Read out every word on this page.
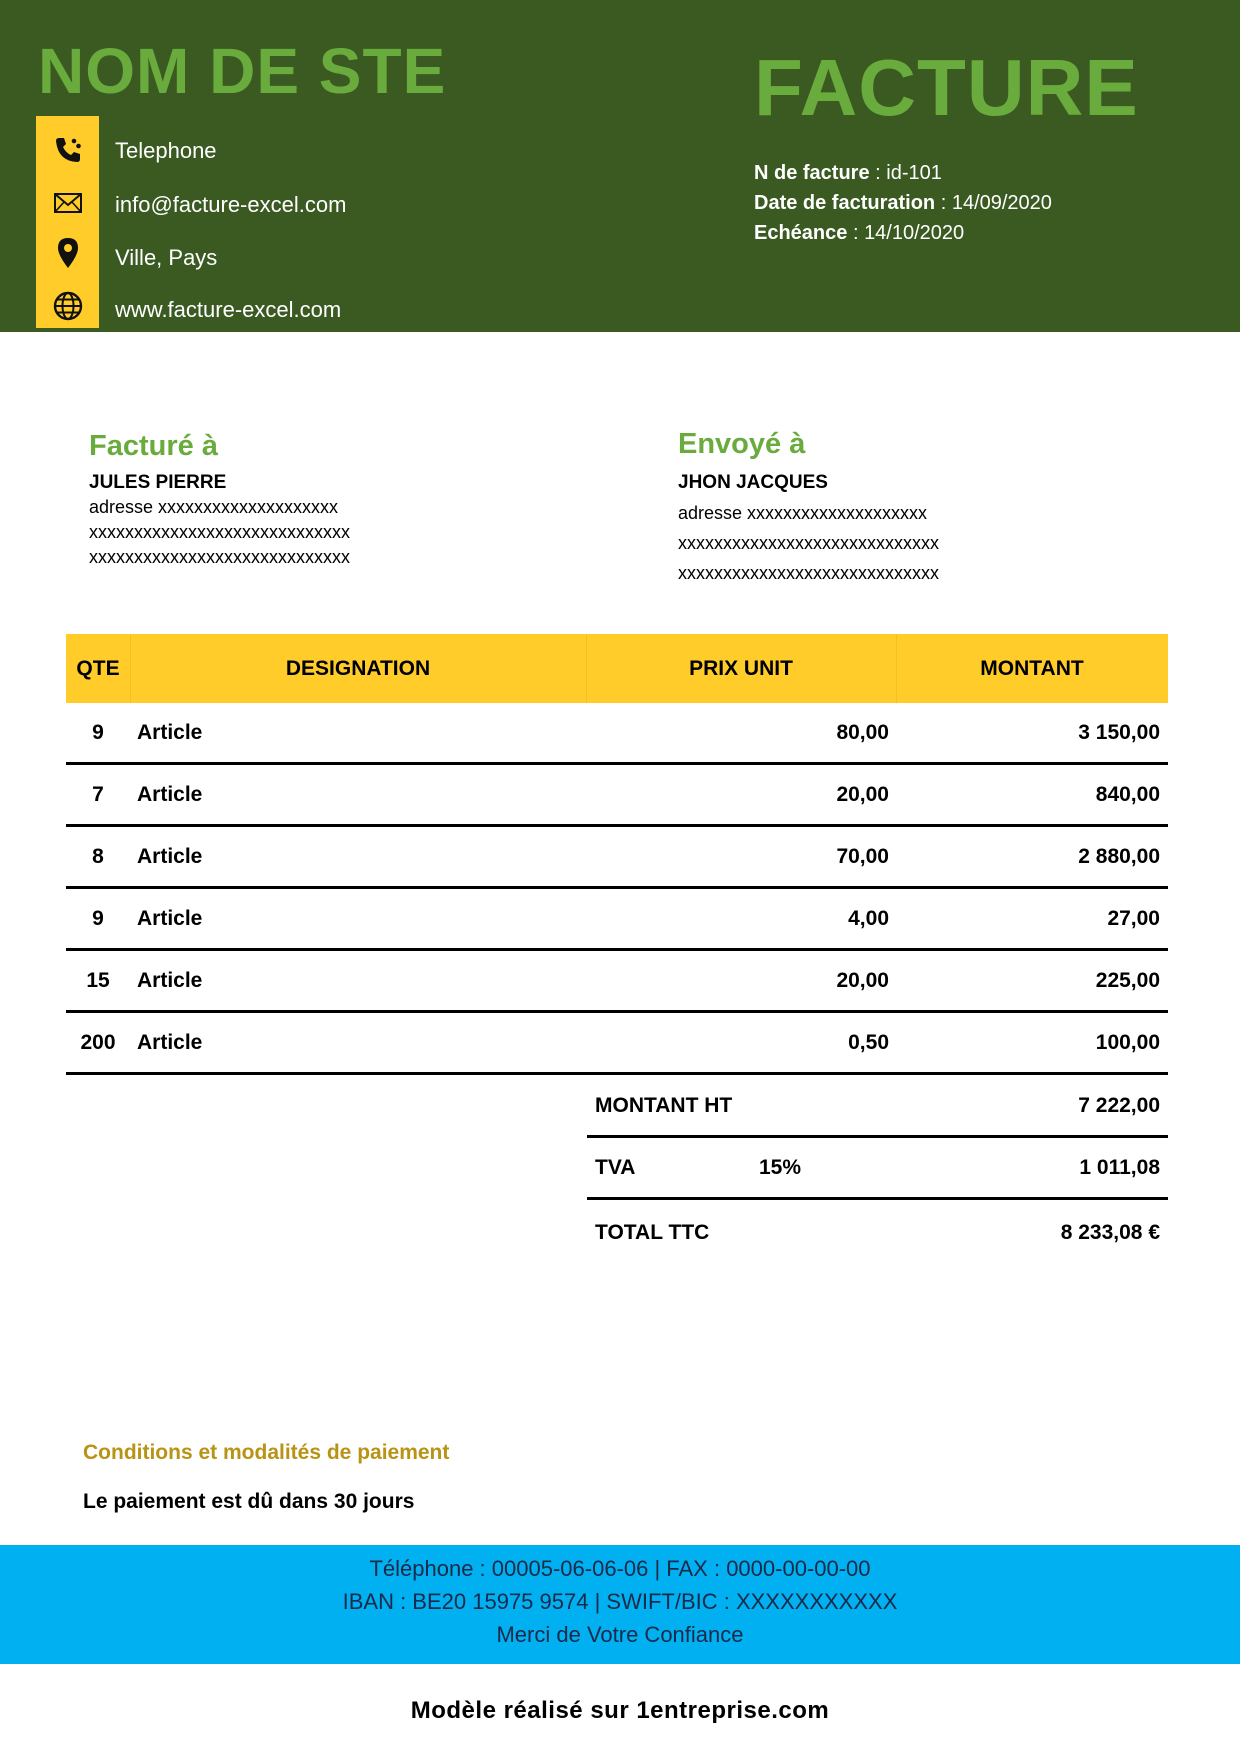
NOM DE STE
Telephone
info@facture-excel.com
Ville, Pays
www.facture-excel.com
FACTURE
N de facture : id-101
Date de facturation : 14/09/2020
Echéance : 14/10/2020
Facturé à
JULES PIERRE
adresse xxxxxxxxxxxxxxxxxxxx
xxxxxxxxxxxxxxxxxxxxxxxxxxxxx
xxxxxxxxxxxxxxxxxxxxxxxxxxxxx
Envoyé à
JHON JACQUES
adresse xxxxxxxxxxxxxxxxxxxx
xxxxxxxxxxxxxxxxxxxxxxxxxxxxx
xxxxxxxxxxxxxxxxxxxxxxxxxxxxx
QTE	DESIGNATION	PRIX UNIT	MONTANT
9	Article	80,00	3 150,00
7	Article	20,00	840,00
8	Article	70,00	2 880,00
9	Article	4,00	27,00
15	Article	20,00	225,00
200	Article	0,50	100,00
MONTANT HT	7 222,00
TVA	15%	1 011,08
TOTAL TTC	8 233,08 €
Conditions et modalités de paiement
Le paiement est dû dans 30 jours
Téléphone : 00005-06-06-06 | FAX : 0000-00-00-00
IBAN : BE20 15975 9574 | SWIFT/BIC : XXXXXXXXXXX
Merci de Votre Confiance
Modèle réalisé sur 1entreprise.com
